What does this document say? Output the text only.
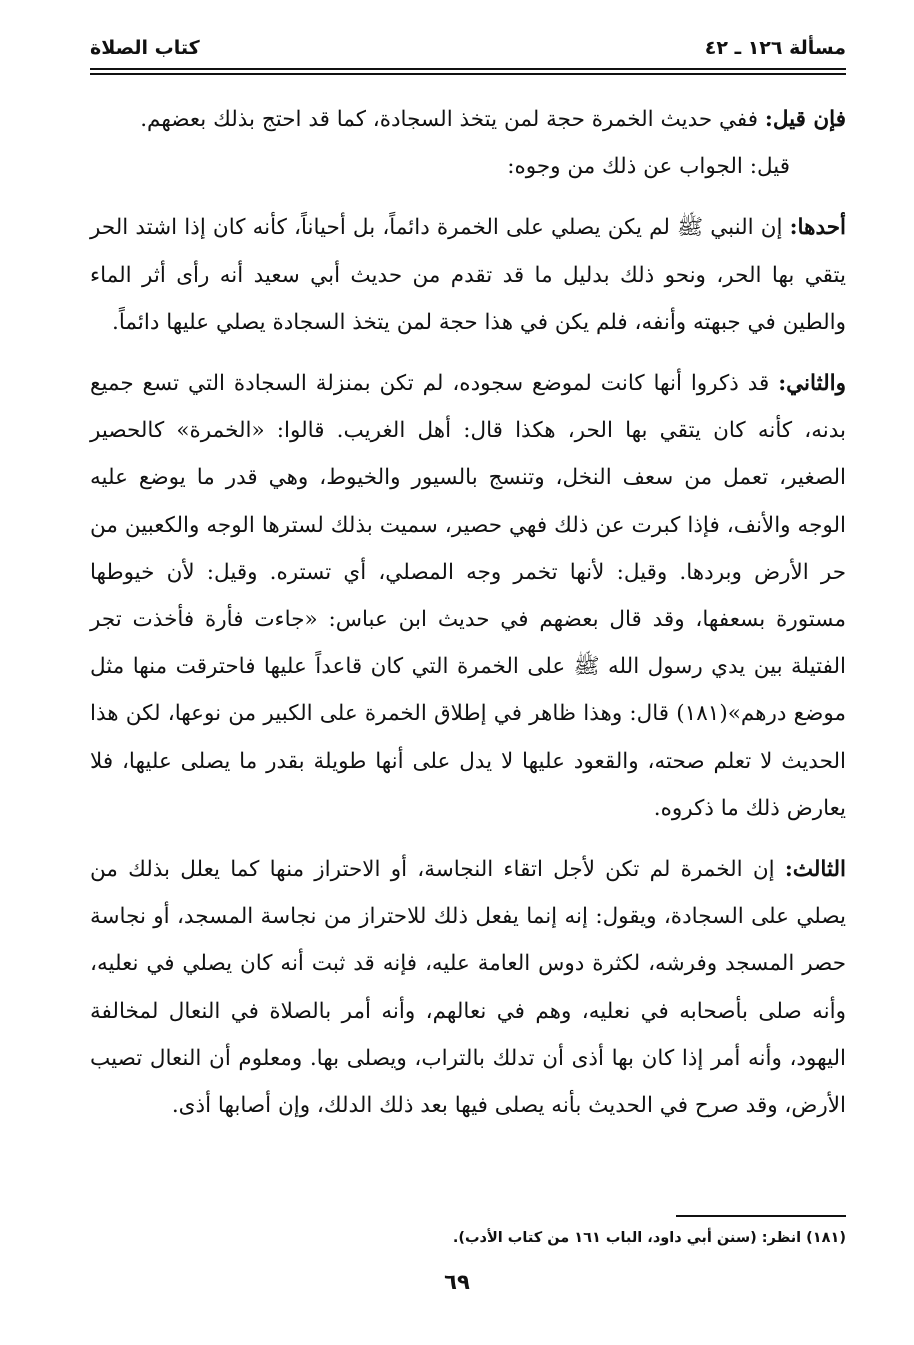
مسألة ١٢٦ ـ ٤٢
كتاب الصلاة

فإن قيل: ففي حديث الخمرة حجة لمن يتخذ السجادة، كما قد احتج بذلك بعضهم.

قيل: الجواب عن ذلك من وجوه:

أحدها: إن النبي ﷺ لم يكن يصلي على الخمرة دائماً، بل أحياناً، كأنه كان إذا اشتد الحر يتقي بها الحر، ونحو ذلك بدليل ما قد تقدم من حديث أبي سعيد أنه رأى أثر الماء والطين في جبهته وأنفه، فلم يكن في هذا حجة لمن يتخذ السجادة يصلي عليها دائماً.

والثاني: قد ذكروا أنها كانت لموضع سجوده، لم تكن بمنزلة السجادة التي تسع جميع بدنه، كأنه كان يتقي بها الحر، هكذا قال: أهل الغريب. قالوا: «الخمرة» كالحصير الصغير، تعمل من سعف النخل، وتنسج بالسيور والخيوط، وهي قدر ما يوضع عليه الوجه والأنف، فإذا كبرت عن ذلك فهي حصير، سميت بذلك لسترها الوجه والكعبين من حر الأرض وبردها. وقيل: لأنها تخمر وجه المصلي، أي تستره. وقيل: لأن خيوطها مستورة بسعفها، وقد قال بعضهم في حديث ابن عباس: «جاءت فأرة فأخذت تجر الفتيلة بين يدي رسول الله ﷺ على الخمرة التي كان قاعداً عليها فاحترقت منها مثل موضع درهم»(١٨١) قال: وهذا ظاهر في إطلاق الخمرة على الكبير من نوعها، لكن هذا الحديث لا تعلم صحته، والقعود عليها لا يدل على أنها طويلة بقدر ما يصلى عليها، فلا يعارض ذلك ما ذكروه.

الثالث: إن الخمرة لم تكن لأجل اتقاء النجاسة، أو الاحتراز منها كما يعلل بذلك من يصلي على السجادة، ويقول: إنه إنما يفعل ذلك للاحتراز من نجاسة المسجد، أو نجاسة حصر المسجد وفرشه، لكثرة دوس العامة عليه، فإنه قد ثبت أنه كان يصلي في نعليه، وأنه صلى بأصحابه في نعليه، وهم في نعالهم، وأنه أمر بالصلاة في النعال لمخالفة اليهود، وأنه أمر إذا كان بها أذى أن تدلك بالتراب، ويصلى بها. ومعلوم أن النعال تصيب الأرض، وقد صرح في الحديث بأنه يصلى فيها بعد ذلك الدلك، وإن أصابها أذى.

(١٨١) انظر: (سنن أبي داود، الباب ١٦١ من كتاب الأدب).
٦٩
